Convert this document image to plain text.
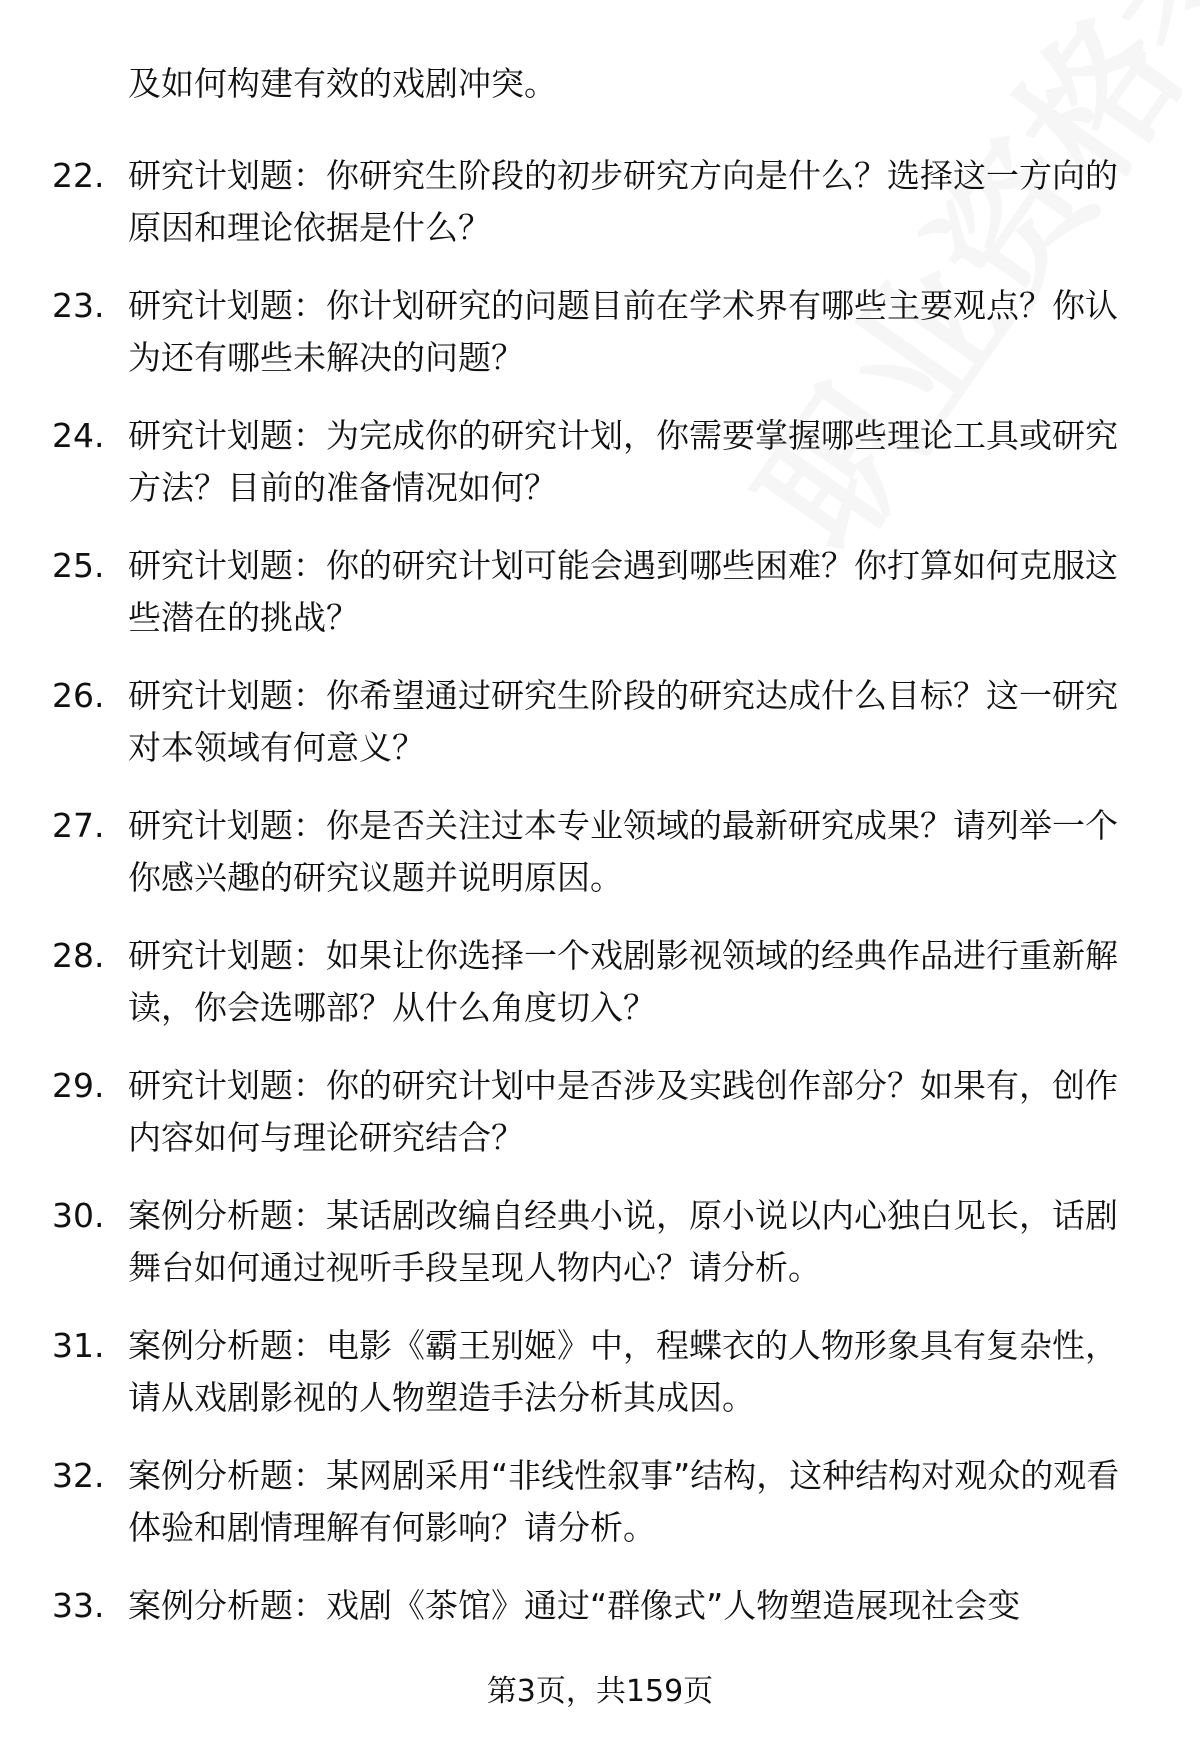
及如何构建有效的戏剧冲突。

22. 研究计划题：你研究生阶段的初步研究方向是什么？选择这一方向的原因和理论依据是什么？
23. 研究计划题：你计划研究的问题目前在学术界有哪些主要观点？你认为还有哪些未解决的问题？
24. 研究计划题：为完成你的研究计划，你需要掌握哪些理论工具或研究方法？目前的准备情况如何？
25. 研究计划题：你的研究计划可能会遇到哪些困难？你打算如何克服这些潜在的挑战？
26. 研究计划题：你希望通过研究生阶段的研究达成什么目标？这一研究对本领域有何意义？
27. 研究计划题：你是否关注过本专业领域的最新研究成果？请列举一个你感兴趣的研究议题并说明原因。
28. 研究计划题：如果让你选择一个戏剧影视领域的经典作品进行重新解读，你会选哪部？从什么角度切入？
29. 研究计划题：你的研究计划中是否涉及实践创作部分？如果有，创作内容如何与理论研究结合？
30. 案例分析题：某话剧改编自经典小说，原小说以内心独白见长，话剧舞台如何通过视听手段呈现人物内心？请分析。
31. 案例分析题：电影《霸王别姬》中，程蝶衣的人物形象具有复杂性，请从戏剧影视的人物塑造手法分析其成因。
32. 案例分析题：某网剧采用“非线性叙事”结构，这种结构对观众的观看体验和剧情理解有何影响？请分析。
33. 案例分析题：戏剧《茶馆》通过“群像式”人物塑造展现社会变
第3页，共159页
